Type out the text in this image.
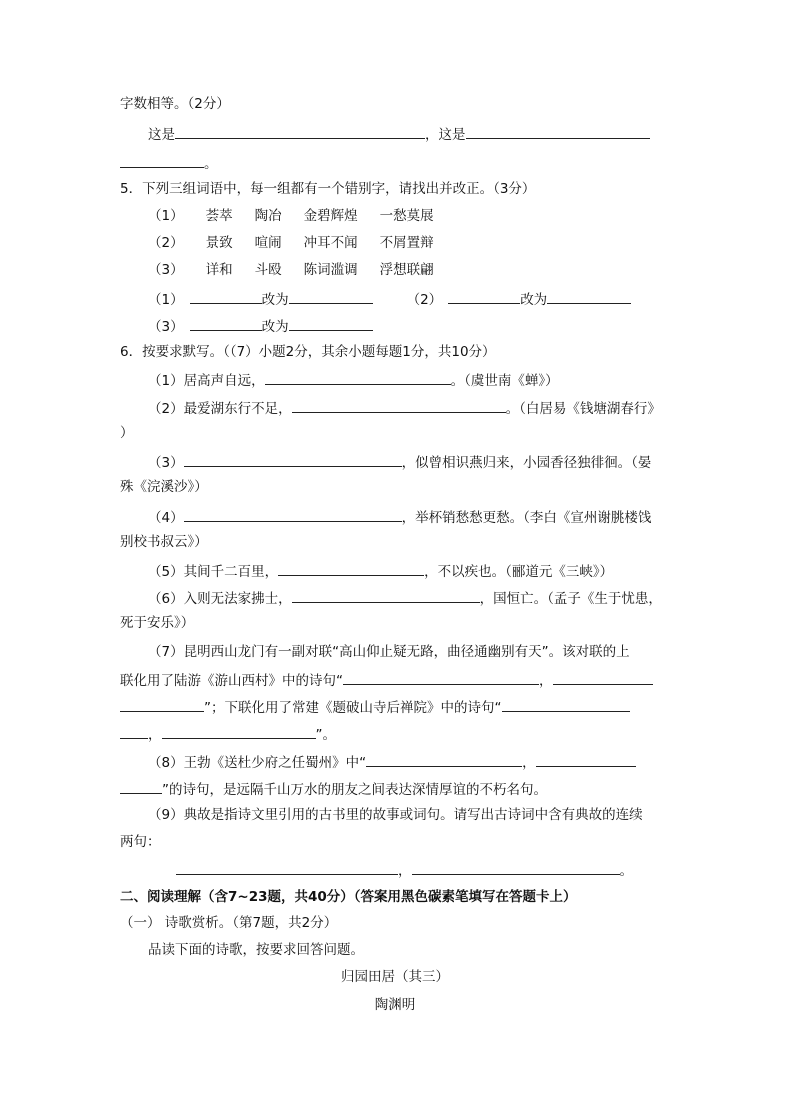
字数相等。（2分）
这是	，这是
。
5．下列三组词语中，每一组都有一个错别字，请找出并改正。（3分）
（1） 荟萃 陶冶 金碧辉煌 一愁莫展
（2） 景致 喧闹 冲耳不闻 不屑置辩
（3） 详和 斗殴 陈词滥调 浮想联翩
（1）	改为	（2）	改为
（3）	改为
6．按要求默写。（（7）小题2分，其余小题每题1分，共10分）
（1）居高声自远，	。（虞世南《蝉》）
（2）最爱湖东行不足，	。（白居易《钱塘湖春行》
）
（3）	，似曾相识燕归来，小园香径独徘徊。（晏
殊《浣溪沙》）
（4）	，举杯销愁愁更愁。（李白《宣州谢朓楼饯
别校书叔云》）
（5）其间千二百里，	，不以疾也。（郦道元《三峡》）
（6）入则无法家拂士，	，国恒亡。（孟子《生于忧患，
死于安乐》）
（7）昆明西山龙门有一副对联“高山仰止疑无路，曲径通幽别有天”。该对联的上
联化用了陆游《游山西村》中的诗句“	，
”；下联化用了常建《题破山寺后禅院》中的诗句“
，	”。
（8）王勃《送杜少府之任蜀州》中“	，
”的诗句，是远隔千山万水的朋友之间表达深情厚谊的不朽名句。
（9）典故是指诗文里引用的古书里的故事或词句。请写出古诗词中含有典故的连续
两句：
，	。
二、阅读理解（含7~23题，共40分）（答案用黑色碳素笔填写在答题卡上）
（一） 诗歌赏析。（第7题，共2分）
品读下面的诗歌，按要求回答问题。
归园田居（其三）
陶渊明
